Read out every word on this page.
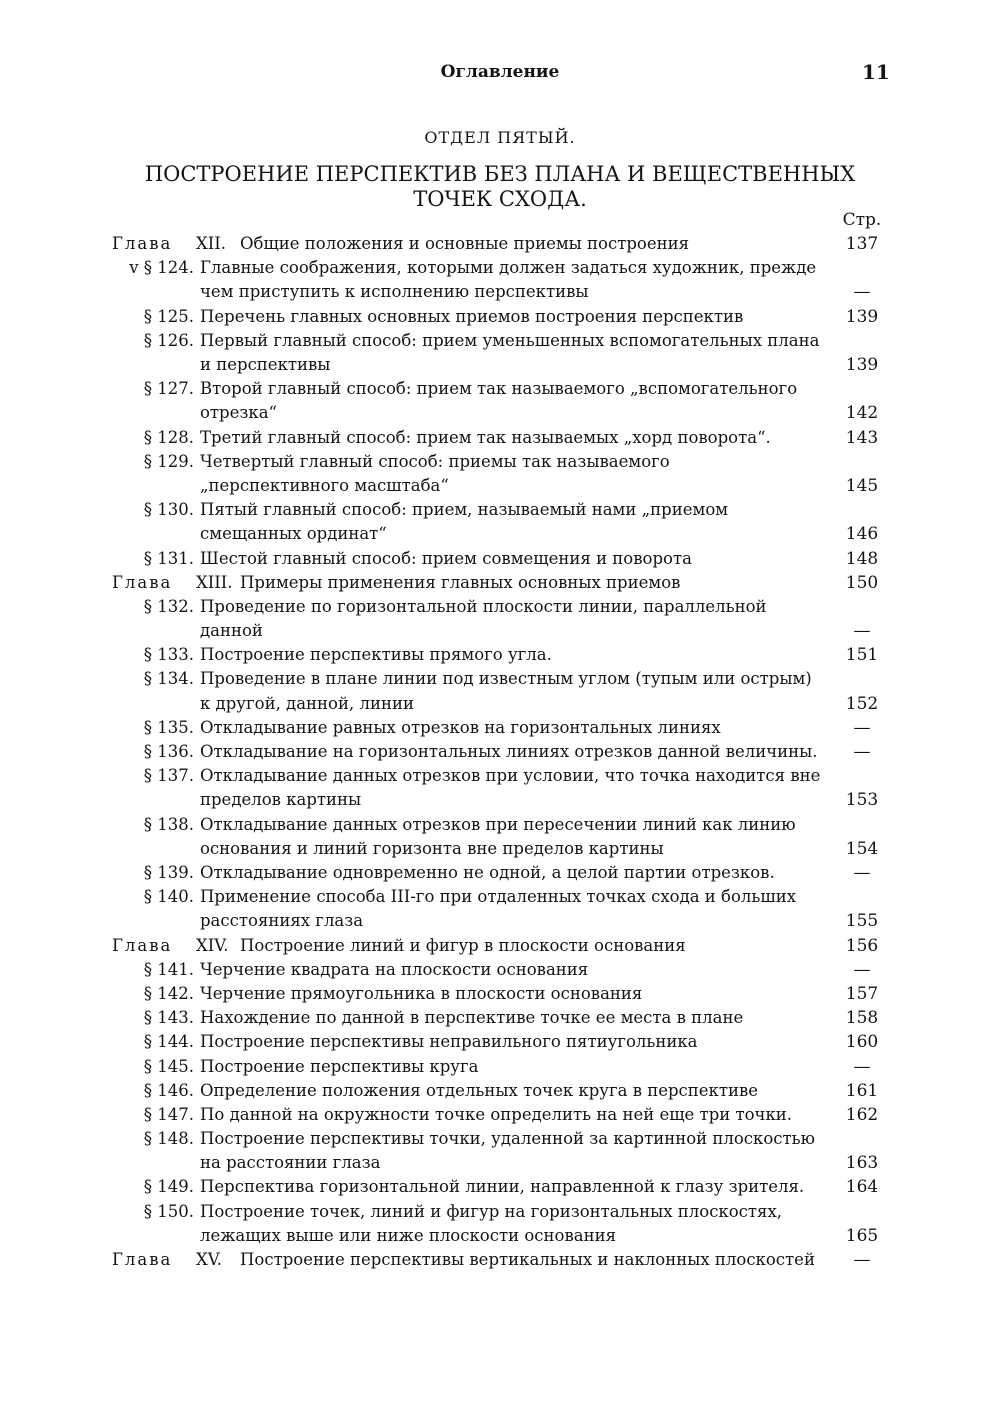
Оглавление	11
ОТДЕЛ ПЯТЫЙ.
ПОСТРОЕНИЕ ПЕРСПЕКТИВ БЕЗ ПЛАНА И ВЕЩЕСТВЕННЫХ
ТОЧЕК СХОДА.
Стр.
Глава	XII. Общие положения и основные приемы построения	137
v § 124. Главные соображения, которыми должен задаться художник, прежде чем приступить к исполнению перспективы	—
§ 125. Перечень главных основных приемов построения перспектив	139
§ 126. Первый главный способ: прием уменьшенных вспомогательных плана и перспективы	139
§ 127. Второй главный способ: прием так называемого „вспомогательного отрезка“	142
§ 128. Третий главный способ: прием так называемых „хорд поворота“.	143
§ 129. Четвертый главный способ: приемы так называемого „перспективного масштаба“	145
§ 130. Пятый главный способ: прием, называемый нами „приемом смещанных ординат“	146
§ 131. Шестой главный способ: прием совмещения и поворота	148
Глава	XIII. Примеры применения главных основных приемов	150
§ 132. Проведение по горизонтальной плоскости линии, параллельной данной	—
§ 133. Построение перспективы прямого угла.	151
§ 134. Проведение в плане линии под известным углом (тупым или острым) к другой, данной, линии	152
§ 135. Откладывание равных отрезков на горизонтальных линиях	—
§ 136. Откладывание на горизонтальных линиях отрезков данной величины.	—
§ 137. Откладывание данных отрезков при условии, что точка находится вне пределов картины	153
§ 138. Откладывание данных отрезков при пересечении линий как линию основания и линий горизонта вне пределов картины	154
§ 139. Откладывание одновременно не одной, а целой партии отрезков.	—
§ 140. Применение способа III-го при отдаленных точках схода и больших расстояниях глаза	155
Глава	XIV. Построение линий и фигур в плоскости основания	156
§ 141. Черчение квадрата на плоскости основания	—
§ 142. Черчение прямоугольника в плоскости основания	157
§ 143. Нахождение по данной в перспективе точке ее места в плане	158
§ 144. Построение перспективы неправильного пятиугольника	160
§ 145. Построение перспективы круга	—
§ 146. Определение положения отдельных точек круга в перспективе	161
§ 147. По данной на окружности точке определить на ней еще три точки.	162
§ 148. Построение перспективы точки, удаленной за картинной плоскостью на расстоянии глаза	163
§ 149. Перспектива горизонтальной линии, направленной к глазу зрителя.	164
§ 150. Построение точек, линий и фигур на горизонтальных плоскостях, лежащих выше или ниже плоскости основания	165
Глава	XV. Построение перспективы вертикальных и наклонных плоскостей	—
